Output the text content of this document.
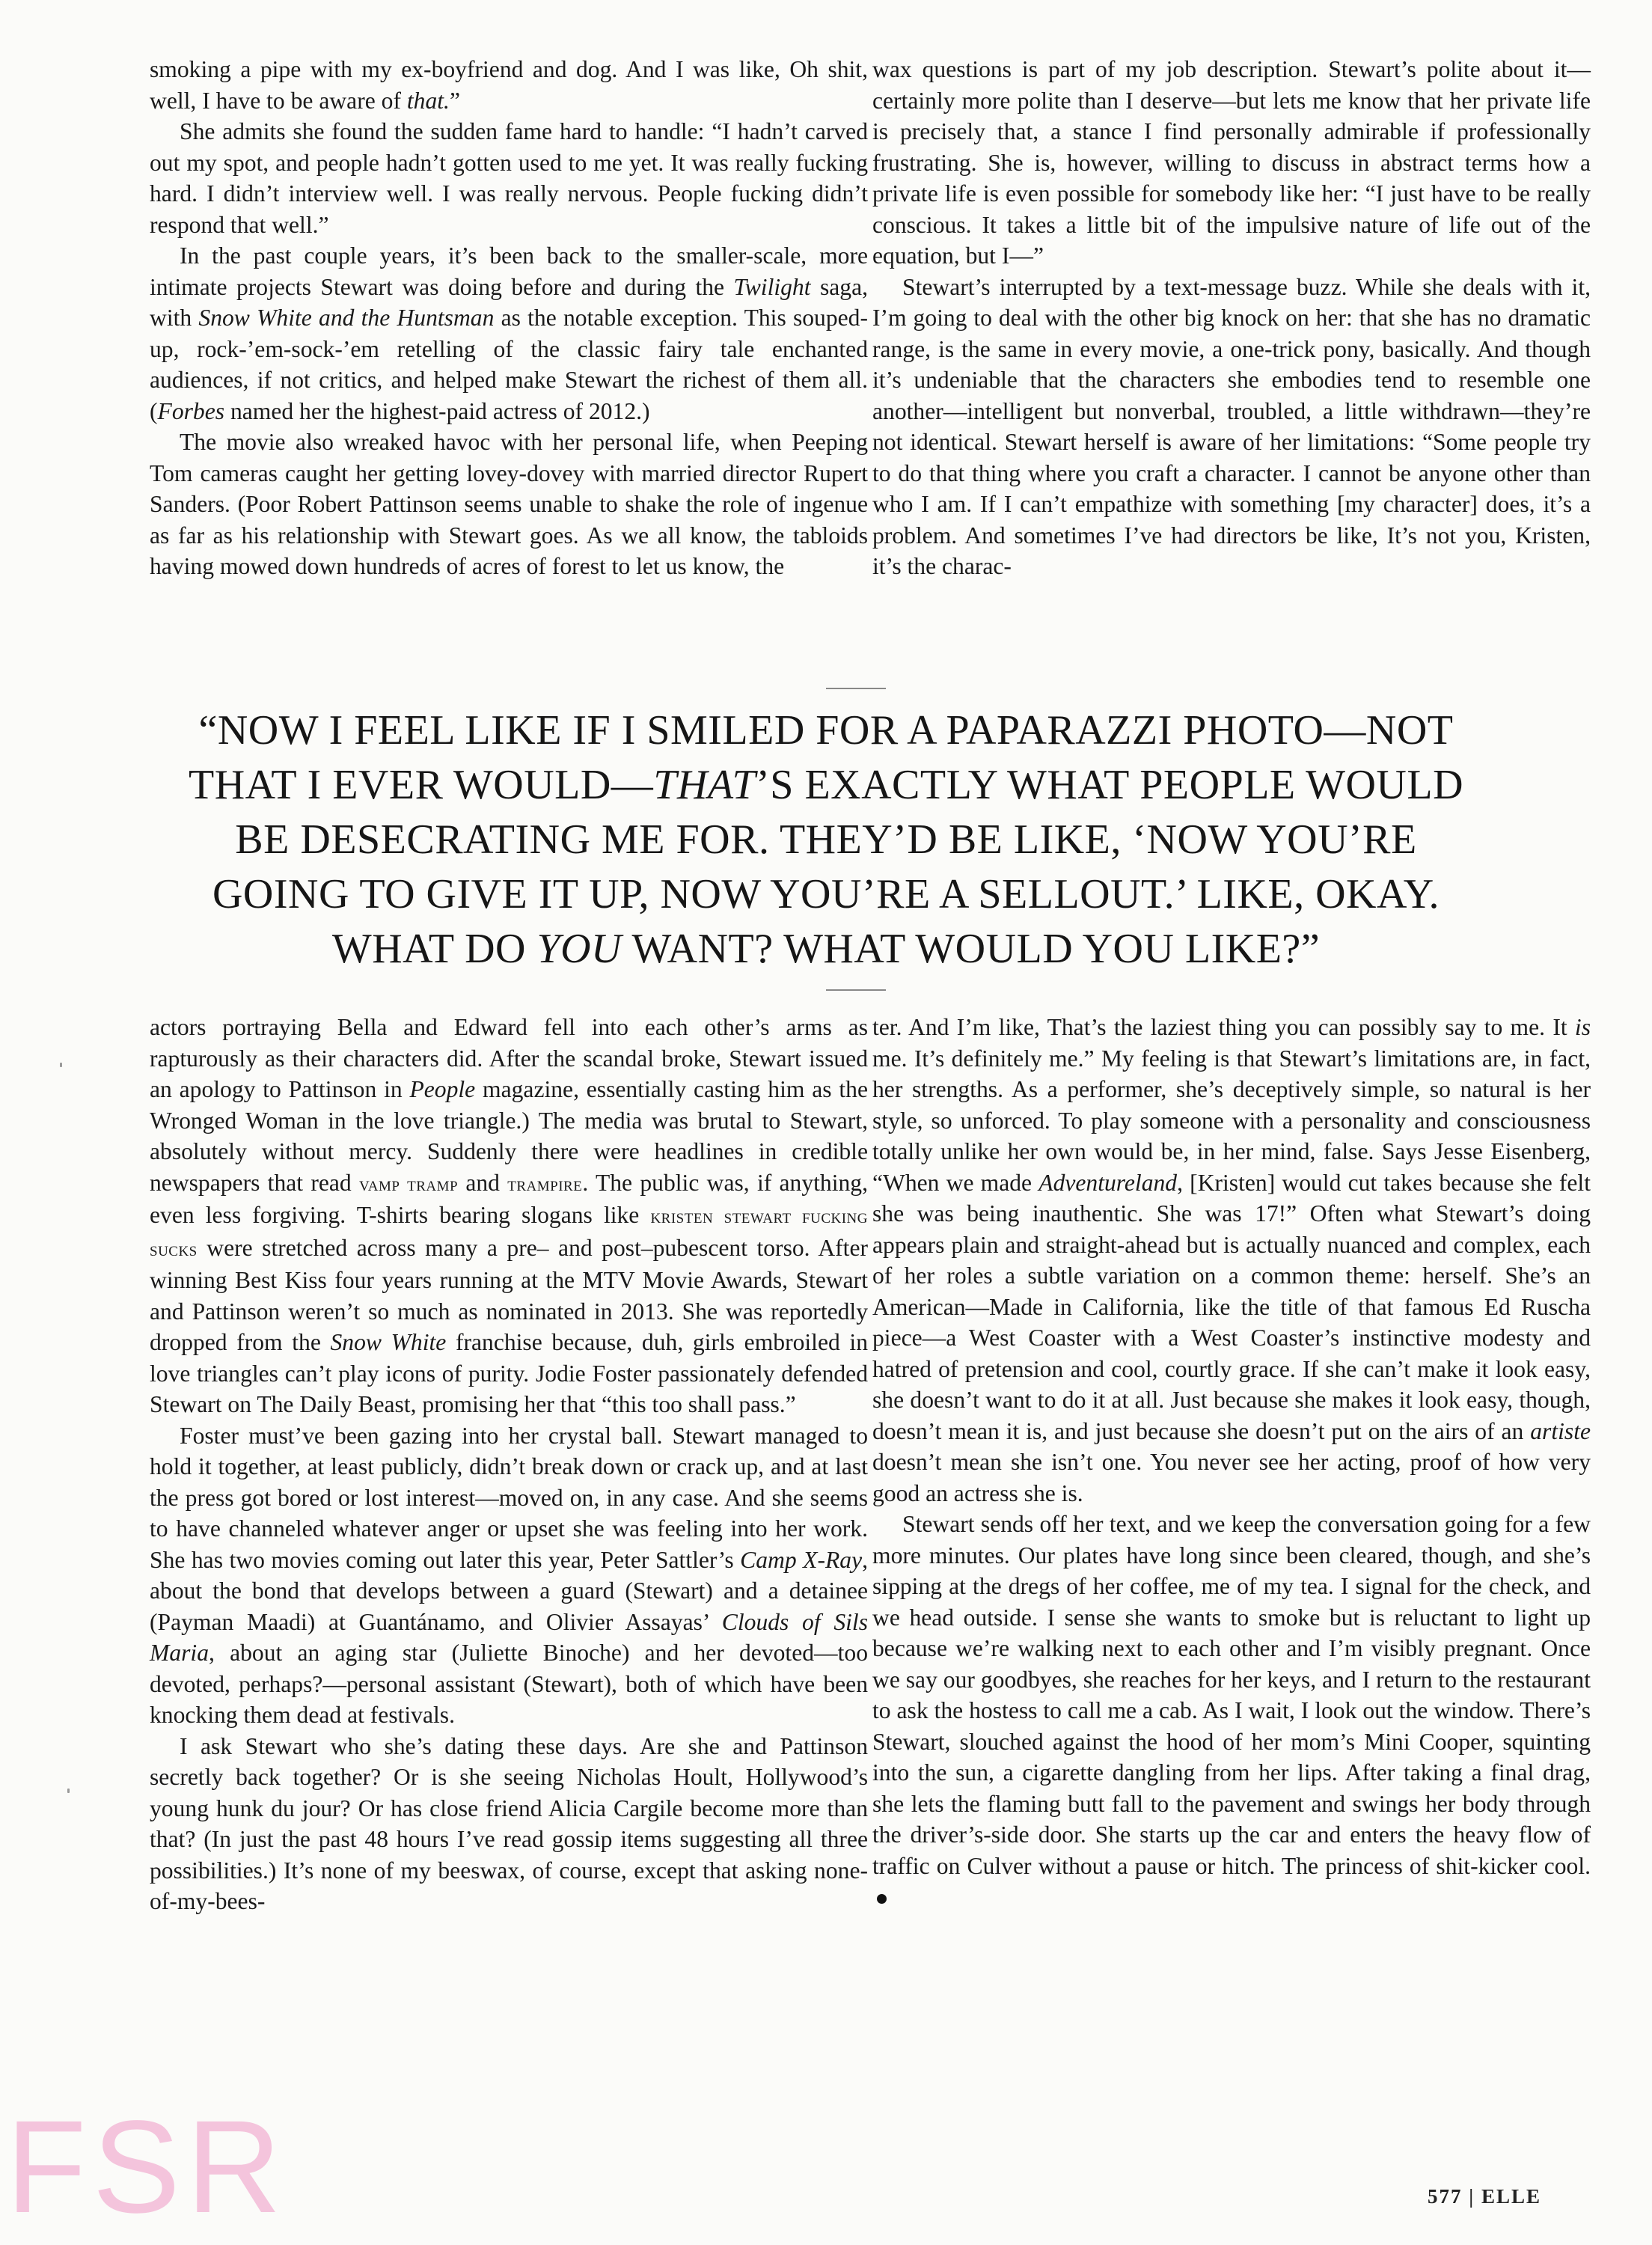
smoking a pipe with my ex-boyfriend and dog. And I was like, Oh shit, well, I have to be aware of that.”

She admits she found the sudden fame hard to handle: “I hadn’t carved out my spot, and people hadn’t gotten used to me yet. It was really fucking hard. I didn’t interview well. I was really nervous. People fucking didn’t respond that well.”

In the past couple years, it’s been back to the smaller-scale, more intimate projects Stewart was doing before and during the Twilight saga, with Snow White and the Huntsman as the notable exception. This souped-up, rock-’em-sock-’em retelling of the classic fairy tale enchanted audiences, if not critics, and helped make Stewart the richest of them all. (Forbes named her the highest-paid actress of 2012.)

The movie also wreaked havoc with her personal life, when Peeping Tom cameras caught her getting lovey-dovey with married director Rupert Sanders. (Poor Robert Pattinson seems unable to shake the role of ingenue as far as his relationship with Stewart goes. As we all know, the tabloids having mowed down hundreds of acres of forest to let us know, the

wax questions is part of my job description. Stewart’s polite about it—certainly more polite than I deserve—but lets me know that her private life is precisely that, a stance I find personally admirable if professionally frustrating. She is, however, willing to discuss in abstract terms how a private life is even possible for somebody like her: “I just have to be really conscious. It takes a little bit of the impulsive nature of life out of the equation, but I—”

Stewart’s interrupted by a text-message buzz. While she deals with it, I’m going to deal with the other big knock on her: that she has no dramatic range, is the same in every movie, a one-trick pony, basically. And though it’s undeniable that the characters she embodies tend to resemble one another—intelligent but nonverbal, troubled, a little withdrawn—they’re not identical. Stewart herself is aware of her limitations: “Some people try to do that thing where you craft a character. I cannot be anyone other than who I am. If I can’t empathize with something [my character] does, it’s a problem. And sometimes I’ve had directors be like, It’s not you, Kristen, it’s the charac-

“NOW I FEEL LIKE IF I SMILED FOR A PAPARAZZI PHOTO—NOT
THAT I EVER WOULD—THAT’S EXACTLY WHAT PEOPLE WOULD
BE DESECRATING ME FOR. THEY’D BE LIKE, ‘NOW YOU’RE
GOING TO GIVE IT UP, NOW YOU’RE A SELLOUT.’ LIKE, OKAY.
WHAT DO YOU WANT? WHAT WOULD YOU LIKE?”

actors portraying Bella and Edward fell into each other’s arms as rapturously as their characters did. After the scandal broke, Stewart issued an apology to Pattinson in People magazine, essentially casting him as the Wronged Woman in the love triangle.) The media was brutal to Stewart, absolutely without mercy. Suddenly there were headlines in credible newspapers that read vamp tramp and trampire. The public was, if anything, even less forgiving. T-shirts bearing slogans like kristen stewart fucking sucks were stretched across many a pre– and post–pubescent torso. After winning Best Kiss four years running at the MTV Movie Awards, Stewart and Pattinson weren’t so much as nominated in 2013. She was reportedly dropped from the Snow White franchise because, duh, girls embroiled in love triangles can’t play icons of purity. Jodie Foster passionately defended Stewart on The Daily Beast, promising her that “this too shall pass.”

Foster must’ve been gazing into her crystal ball. Stewart managed to hold it together, at least publicly, didn’t break down or crack up, and at last the press got bored or lost interest—moved on, in any case. And she seems to have channeled whatever anger or upset she was feeling into her work. She has two movies coming out later this year, Peter Sattler’s Camp X-Ray, about the bond that develops between a guard (Stewart) and a detainee (Payman Maadi) at Guantánamo, and Olivier Assayas’ Clouds of Sils Maria, about an aging star (Juliette Binoche) and her devoted—too devoted, perhaps?—personal assistant (Stewart), both of which have been knocking them dead at festivals.

I ask Stewart who she’s dating these days. Are she and Pattinson secretly back together? Or is she seeing Nicholas Hoult, Hollywood’s young hunk du jour? Or has close friend Alicia Cargile become more than that? (In just the past 48 hours I’ve read gossip items suggesting all three possibilities.) It’s none of my beeswax, of course, except that asking none-of-my-bees-

ter. And I’m like, That’s the laziest thing you can possibly say to me. It is me. It’s definitely me.” My feeling is that Stewart’s limitations are, in fact, her strengths. As a performer, she’s deceptively simple, so natural is her style, so unforced. To play someone with a personality and consciousness totally unlike her own would be, in her mind, false. Says Jesse Eisenberg, “When we made Adventureland, [Kristen] would cut takes because she felt she was being inauthentic. She was 17!” Often what Stewart’s doing appears plain and straight-ahead but is actually nuanced and complex, each of her roles a subtle variation on a common theme: herself. She’s an American—Made in California, like the title of that famous Ed Ruscha piece—a West Coaster with a West Coaster’s instinctive modesty and hatred of pretension and cool, courtly grace. If she can’t make it look easy, she doesn’t want to do it at all. Just because she makes it look easy, though, doesn’t mean it is, and just because she doesn’t put on the airs of an artiste doesn’t mean she isn’t one. You never see her acting, proof of how very good an actress she is.

Stewart sends off her text, and we keep the conversation going for a few more minutes. Our plates have long since been cleared, though, and she’s sipping at the dregs of her coffee, me of my tea. I signal for the check, and we head outside. I sense she wants to smoke but is reluctant to light up because we’re walking next to each other and I’m visibly pregnant. Once we say our goodbyes, she reaches for her keys, and I return to the restaurant to ask the hostess to call me a cab. As I wait, I look out the window. There’s Stewart, slouched against the hood of her mom’s Mini Cooper, squinting into the sun, a cigarette dangling from her lips. After taking a final drag, she lets the flaming butt fall to the pavement and swings her body through the driver’s-side door. She starts up the car and enters the heavy flow of traffic on Culver without a pause or hitch. The princess of shit-kicker cool.

FSR	577 | ELLE
